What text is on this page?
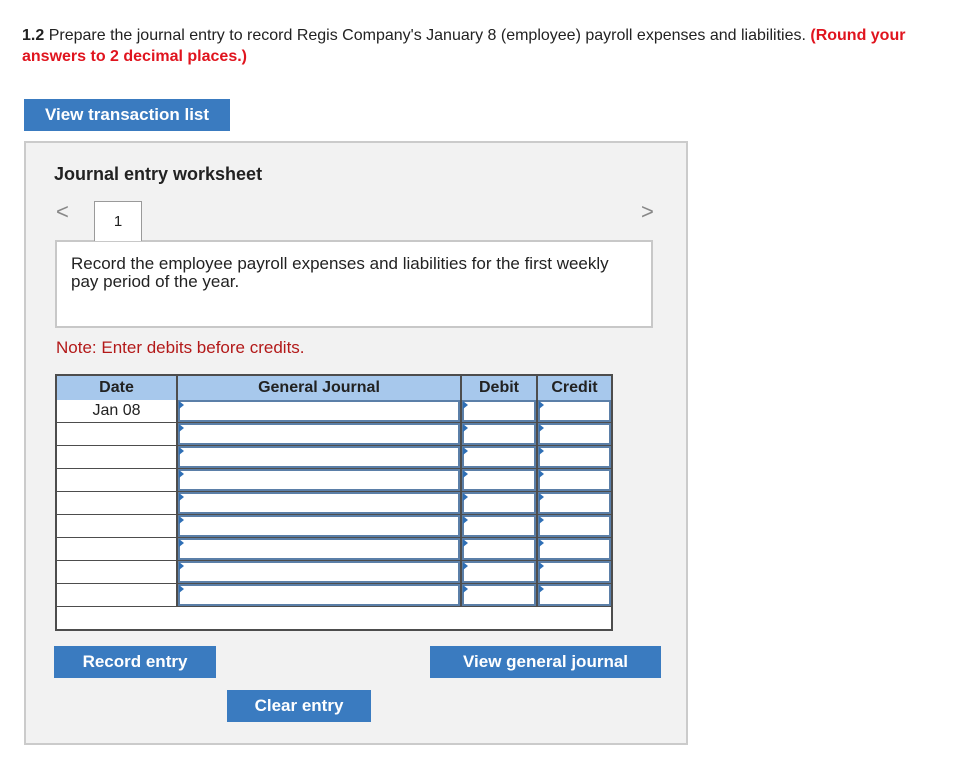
1.2 Prepare the journal entry to record Regis Company's January 8 (employee) payroll expenses and liabilities. (Round your answers to 2 decimal places.)
View transaction list
Journal entry worksheet
<	>
1
Record the employee payroll expenses and liabilities for the first weekly pay period of the year.
Note: Enter debits before credits.
Date	General Journal	Debit	Credit
Jan 08
Record entry	View general journal
Clear entry
